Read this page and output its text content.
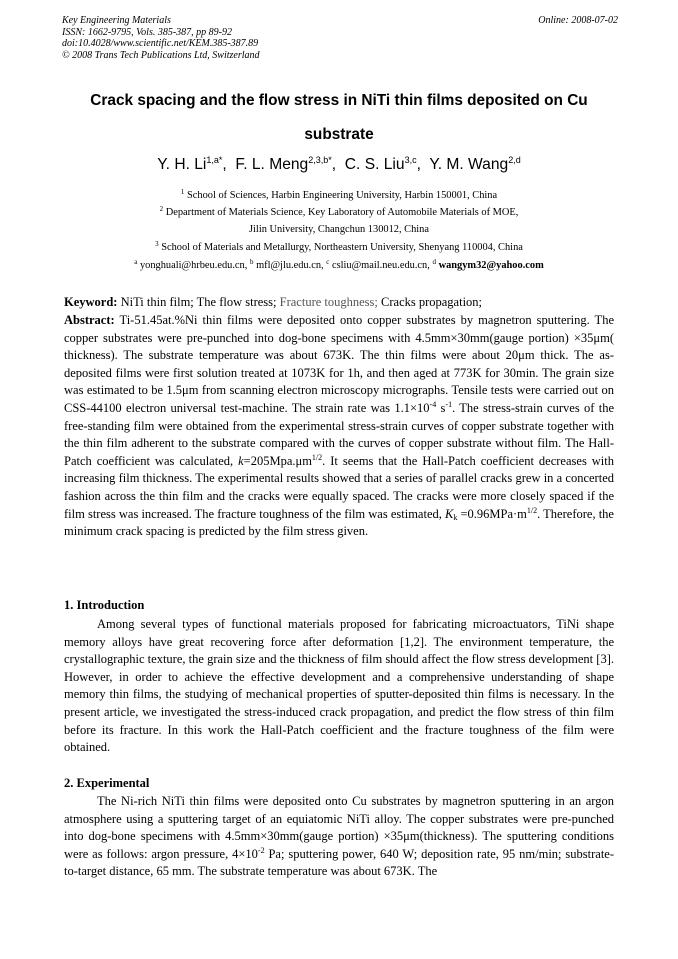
Key Engineering Materials
ISSN: 1662-9795, Vols. 385-387, pp 89-92
doi:10.4028/www.scientific.net/KEM.385-387.89
© 2008 Trans Tech Publications Ltd, Switzerland
Online: 2008-07-02
Crack spacing and the flow stress in NiTi thin films deposited on Cu
substrate
Y. H. $Li^{1,a*}$,  F. L. Meng$^{2,3,b*}$,  C. S. Liu$^{3,c}$,  Y. M. Wang$^{2,d}$
$^1$ School of Sciences, Harbin Engineering University, Harbin 150001, China
$^2$ Department of Materials Science, Key Laboratory of Automobile Materials of MOE,
Jilin University, Changchun 130012, China
$^3$ School of Materials and Metallurgy, Northeastern University, Shenyang 110004, China
$^a$ yonghuali@hrbeu.edu.cn, $^b$ mfl@jlu.edu.cn, $^c$ csliu@mail.neu.edu.cn, $^d$ wangym32@yahoo.com
Keyword: NiTi thin film; The flow stress; Fracture toughness; Cracks propagation;

Abstract: Ti-51.45at.%Ni thin films were deposited onto copper substrates by magnetron sputtering. The copper substrates were pre-punched into dog-bone specimens with 4.5mm×30mm(gauge portion) ×35μm( thickness). The substrate temperature was about 673K. The thin films were about 20μm thick. The as-deposited films were first solution treated at 1073K for 1h, and then aged at 773K for 30min. The grain size was estimated to be 1.5μm from scanning electron microscopy micrographs. Tensile tests were carried out on CSS-44100 electron universal test-machine. The strain rate was $1.1\times 10^{-4}$ $s^{-1}$. The stress-strain curves of the free-standing film were obtained from the experimental stress-strain curves of copper substrate together with the thin film adherent to the substrate compared with the curves of copper substrate without film. The Hall-Patch coefficient was calculated, $k=205Mpa.\mu m^{1/2}$. It seems that the Hall-Patch coefficient decreases with increasing film thickness. The experimental results showed that a series of parallel cracks grew in a concerted fashion across the thin film and the cracks were equally spaced. The cracks were more closely spaced if the film stress was increased. The fracture toughness of the film was estimated, $K_k =0.96MPa\cdot m^{1/2}$. Therefore, the minimum crack spacing is predicted by the film stress given.

1. Introduction
Among several types of functional materials proposed for fabricating microactuators, TiNi shape memory alloys have great recovering force after deformation [1,2]. The environment temperature, the crystallographic texture, the grain size and the thickness of film should affect the flow stress development [3]. However, in order to achieve the effective development and a comprehensive understanding of shape memory thin films, the studying of mechanical properties of sputter-deposited thin films is necessary. In the present article, we investigated the stress-induced crack propagation, and predict the flow stress of thin film before its fracture. In this work the Hall-Patch coefficient and the fracture toughness of the film were obtained.
2. Experimental
The Ni-rich NiTi thin films were deposited onto Cu substrates by magnetron sputtering in an argon atmosphere using a sputtering target of an equiatomic NiTi alloy. The copper substrates were pre-punched into dog-bone specimens with 4.5mm×30mm(gauge portion) ×35μm(thickness). The sputtering conditions were as follows: argon pressure, $4\times 10^{-2}$ Pa; sputtering power, 640 W; deposition rate, 95 nm/min; substrate-to-target distance, 65 mm. The substrate temperature was about 673K. The
